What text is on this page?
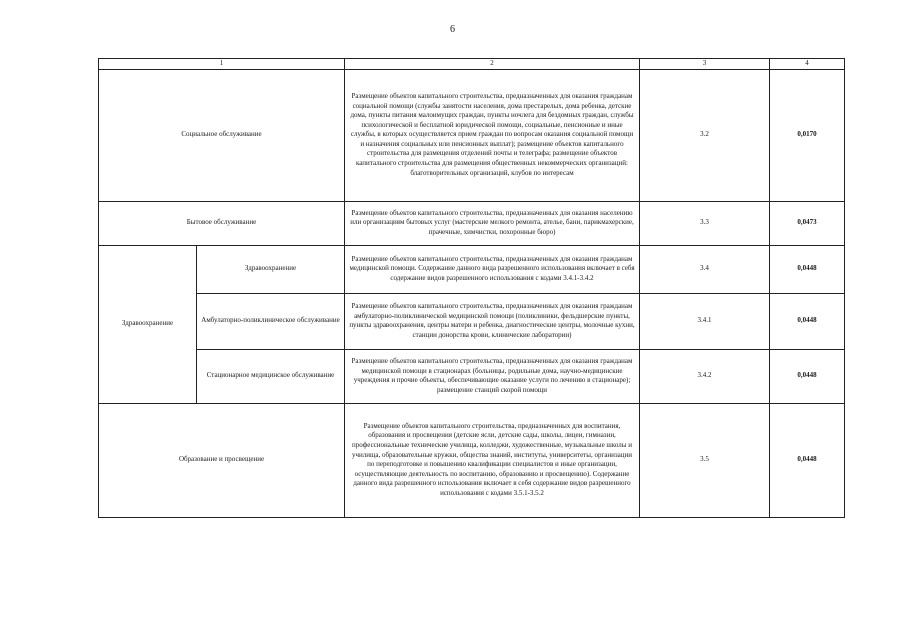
6
1		2	3	4
Социальное обслуживание		Размещение объектов капитального строительства, предназначенных для оказания гражданам социальной помощи (службы занятости населения, дома престарелых, дома ребенка, детские дома, пункты питания малоимущих граждан, пункты ночлега для бездомных граждан, службы психологической и бесплатной юридической помощи, социальные, пенсионные и иные службы, в которых осуществляется прием граждан по вопросам оказания социальной помощи и назначения социальных или пенсионных выплат); размещение объектов капитального строительства для размещения отделений почты и телеграфа; размещение объектов капитального строительства для размещения общественных некоммерческих организаций: благотворительных организаций, клубов по интересам	3.2	0,0170
Бытовое обслуживание		Размещение объектов капитального строительства, предназначенных для оказания населению или организациям бытовых услуг (мастерские мелкого ремонта, ателье, бани, парикмахерские, прачечные, химчистки, похоронные бюро)	3.3	0,0473
Здравоохранение	Здравоохранение	Размещение объектов капитального строительства, предназначенных для оказания гражданам медицинской помощи. Содержание данного вида разрешенного использования включает в себя содержание видов разрешенного использования с кодами 3.4.1-3.4.2	3.4	0,0448
	Амбулаторно-поликлиническое обслуживание	Размещение объектов капитального строительства, предназначенных для оказания гражданам амбулаторно-поликлинической медицинской помощи (поликлиники, фельдшерские пункты, пункты здравоохранения, центры матери и ребенка, диагностические центры, молочные кухни, станции донорства крови, клинические лаборатории)	3.4.1	0,0448
	Стационарное медицинское обслуживание	Размещение объектов капитального строительства, предназначенных для оказания гражданам медицинской помощи в стационарах (больницы, родильные дома, научно-медицинские учреждения и прочие объекты, обеспечивающие оказание услуги по лечению в стационаре); размещение станций скорой помощи	3.4.2	0,0448
Образование и просвещение		Размещение объектов капитального строительства, предназначенных для воспитания, образования и просвещения (детские ясли, детские сады, школы, лицеи, гимназии, профессиональные технические училища, колледжи, художественные, музыкальные школы и училища, образовательные кружки, общества знаний, институты, университеты, организации по переподготовке и повышению квалификации специалистов и иные организации, осуществляющие деятельность по воспитанию, образованию и просвещению). Содержание данного вида разрешенного использования включает в себя содержание видов разрешенного использования с кодами 3.5.1-3.5.2	3.5	0,0448
